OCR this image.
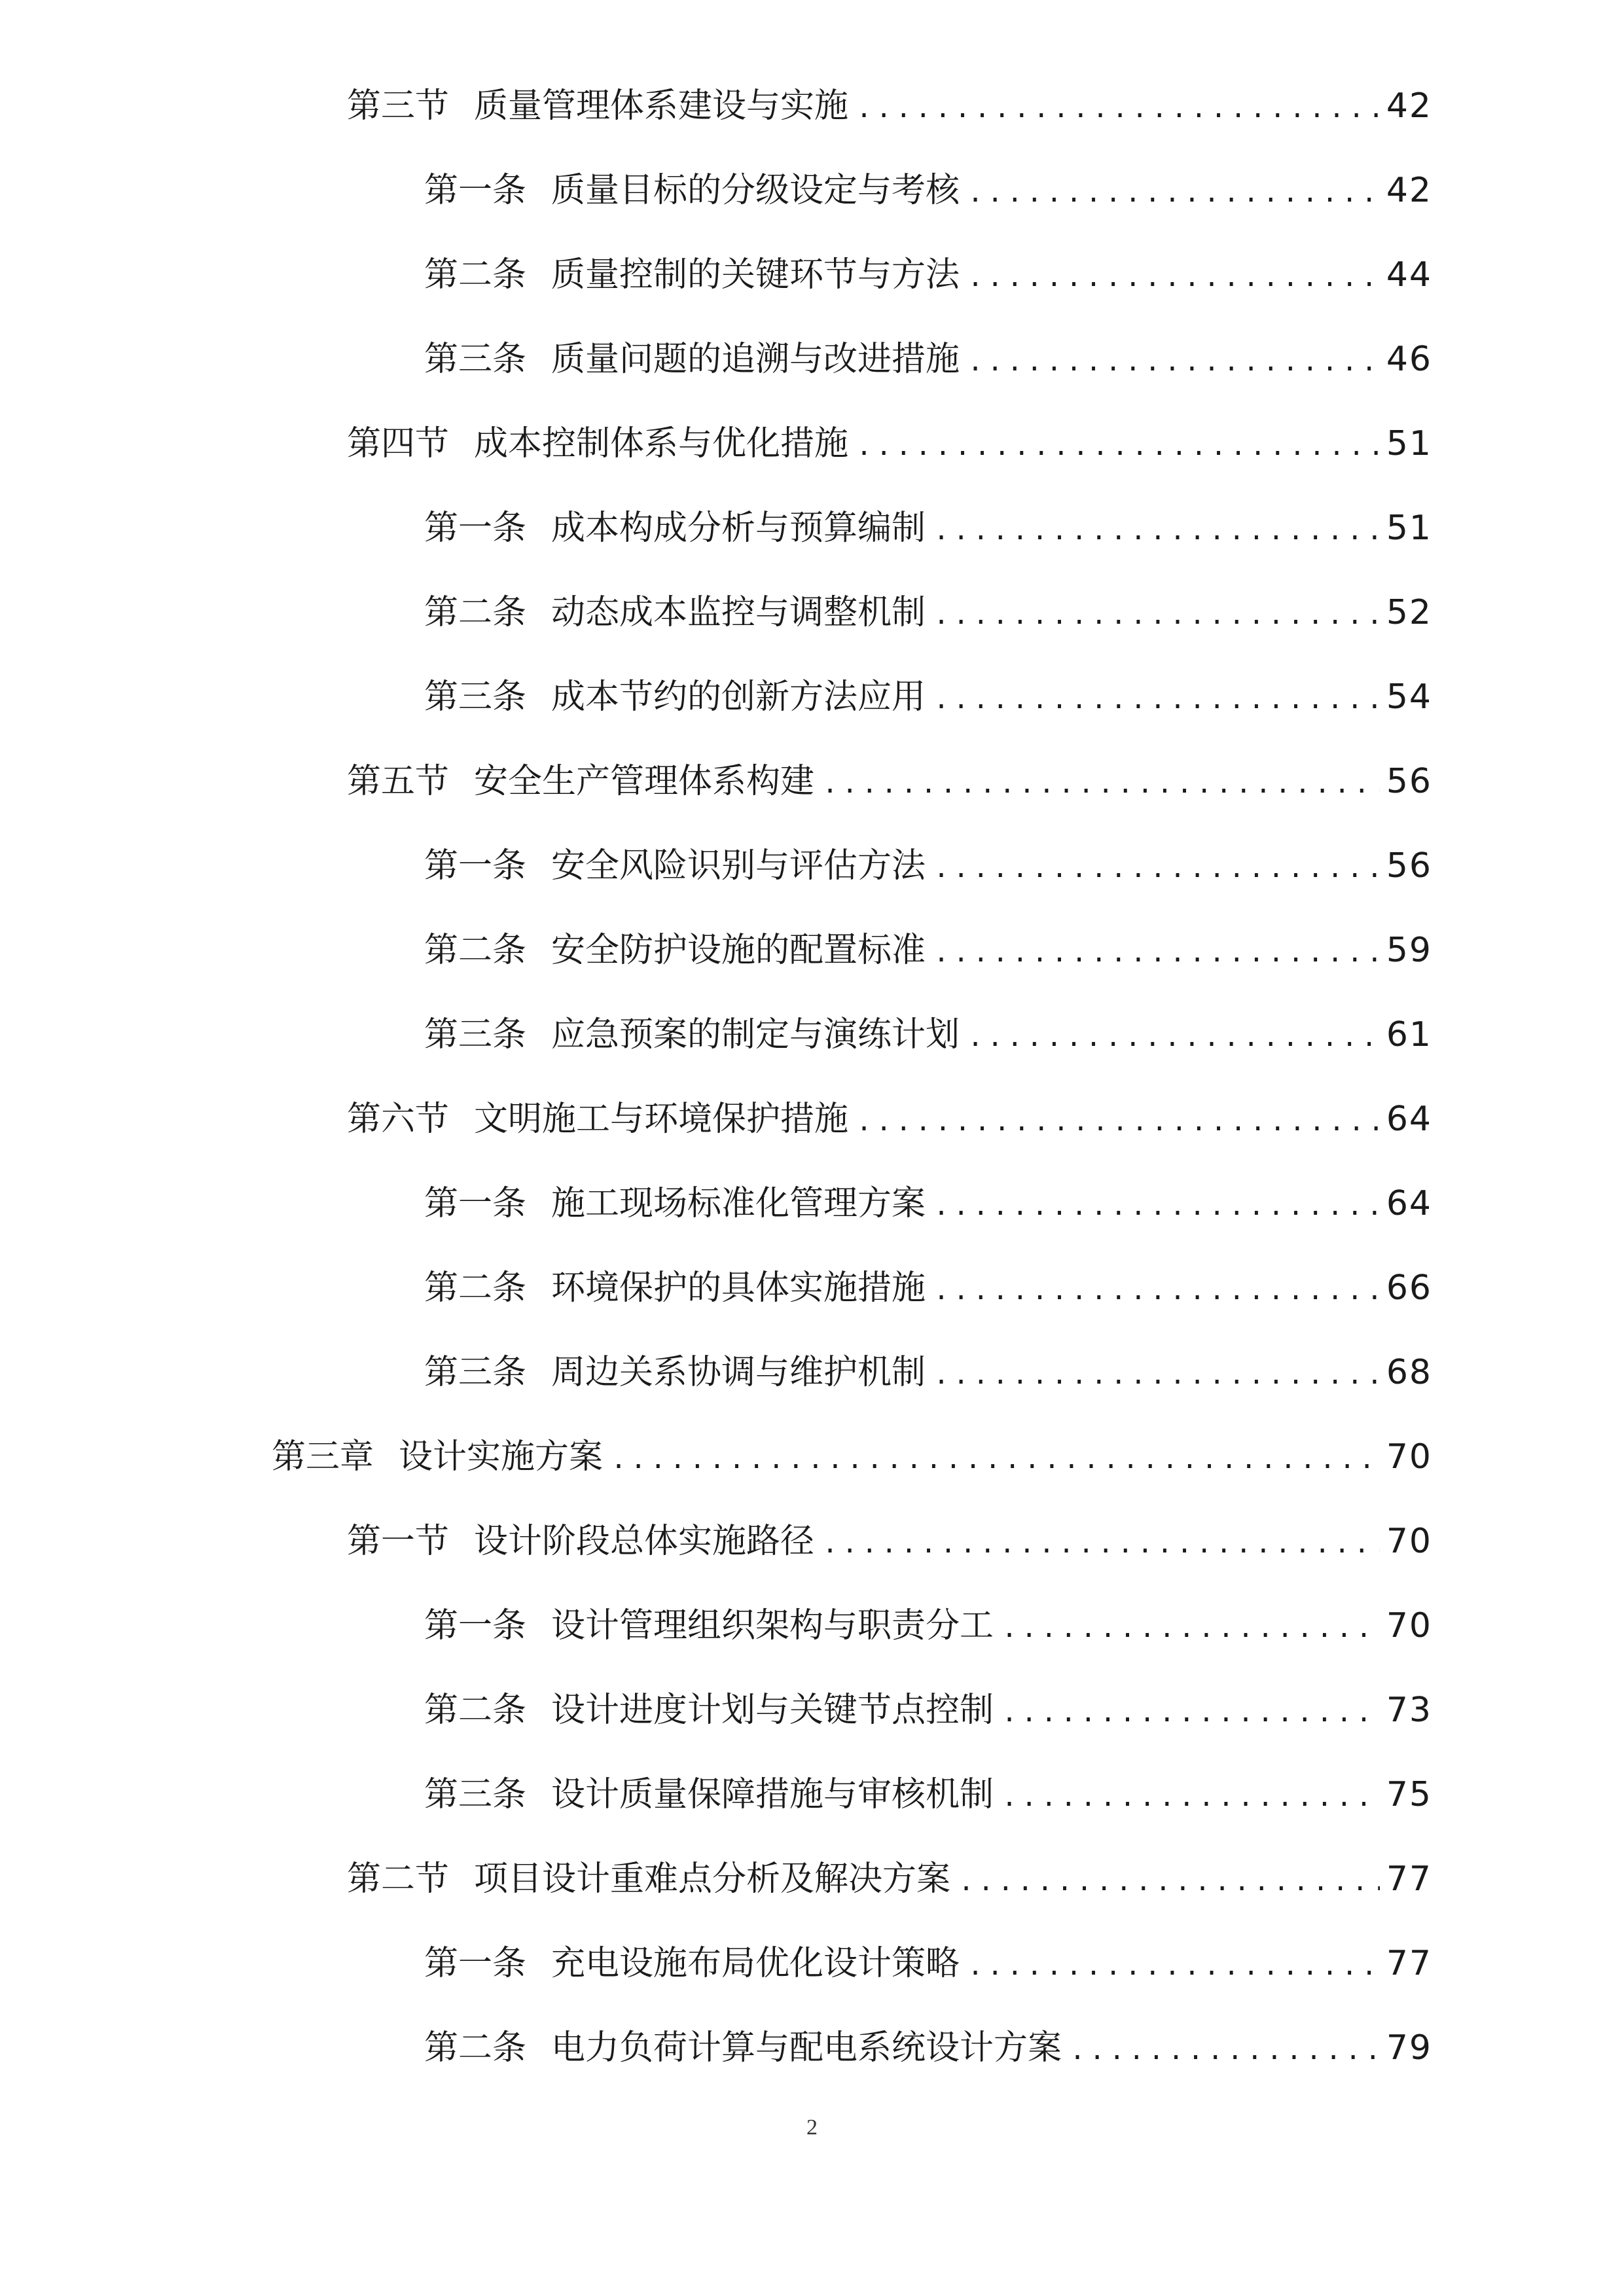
第三节 质量管理体系建设与实施 .....	42
第一条 质量目标的分级设定与考核 .....	42
第二条 质量控制的关键环节与方法 .....	44
第三条 质量问题的追溯与改进措施 .....	46
第四节 成本控制体系与优化措施 .....	51
第一条 成本构成分析与预算编制 .....	51
第二条 动态成本监控与调整机制 .....	52
第三条 成本节约的创新方法应用 .....	54
第五节 安全生产管理体系构建 .....	56
第一条 安全风险识别与评估方法 .....	56
第二条 安全防护设施的配置标准 .....	59
第三条 应急预案的制定与演练计划 .....	61
第六节 文明施工与环境保护措施 .....	64
第一条 施工现场标准化管理方案 .....	64
第二条 环境保护的具体实施措施 .....	66
第三条 周边关系协调与维护机制 .....	68
第三章 设计实施方案 .....	70
第一节 设计阶段总体实施路径 .....	70
第一条 设计管理组织架构与职责分工 .....	70
第二条 设计进度计划与关键节点控制 .....	73
第三条 设计质量保障措施与审核机制 .....	75
第二节 项目设计重难点分析及解决方案 .....	77
第一条 充电设施布局优化设计策略 .....	77
第二条 电力负荷计算与配电系统设计方案 .....	79
2
